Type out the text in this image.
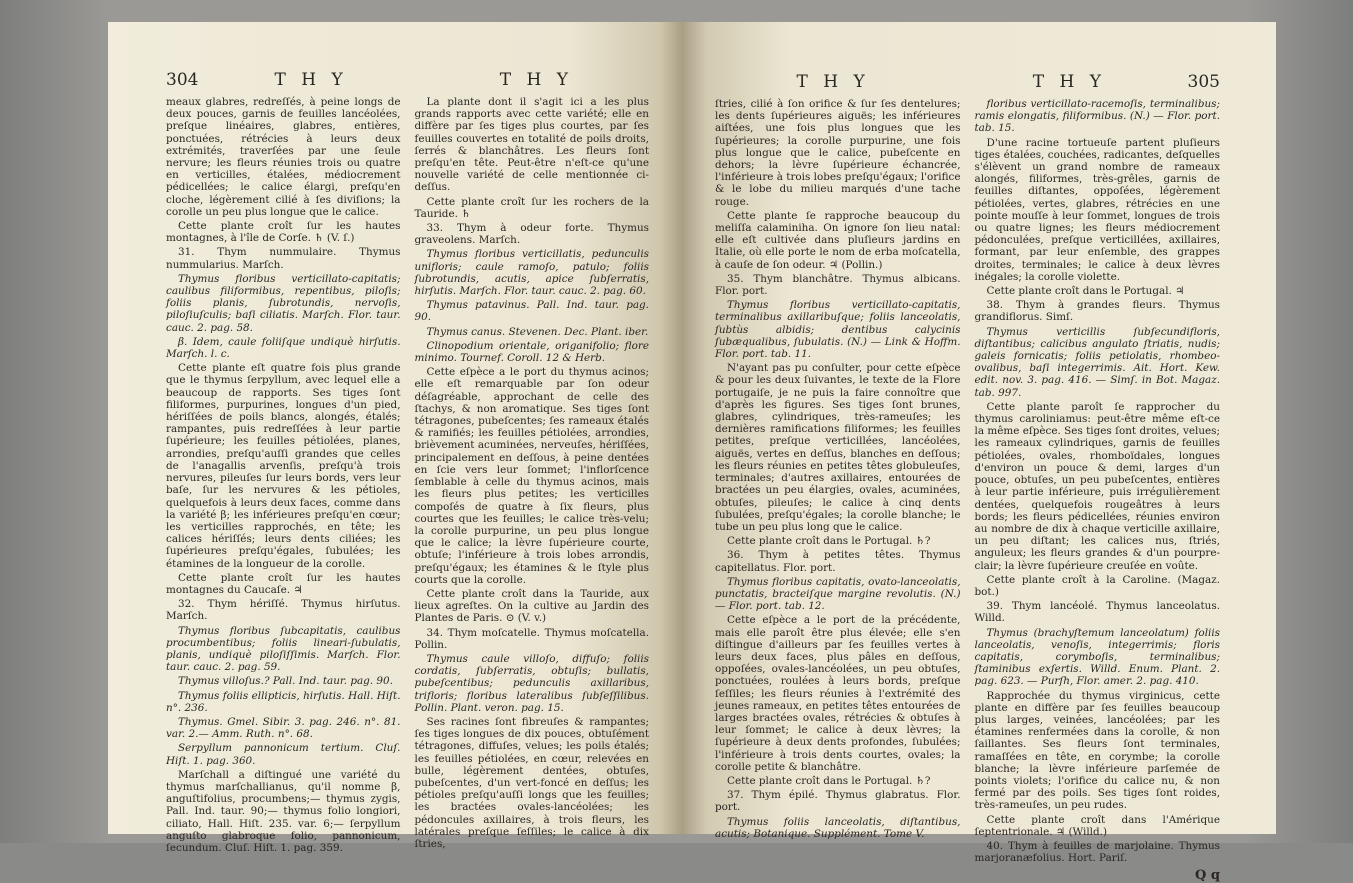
304	T H Y	T H Y

meaux glabres, redreſſés, à peine longs de deux pouces, garnis de feuilles lancéolées, preſque linéaires, glabres, entières, ponctuées, rétrécies à leurs deux extrémités, traverſées par une ſeule nervure; les fleurs réunies trois ou quatre en verticilles, étalées, médiocrement pédicellées; le calice élargi, preſqu'en cloche, légèrement cilié à ſes diviſions; la corolle un peu plus longue que le calice.

Cette plante croît ſur les hautes montagnes, à l'île de Corſe. ♄ (V. ſ.)

31. Thym nummulaire. Thymus nummularius. Marſch.

Thymus floribus verticillato-capitatis; caulibus filiformibus, repentibus, piloſis; foliis planis, ſubrotundis, nervoſis, piloſiuſculis; baſi ciliatis. Marſch. Flor. taur. cauc. 2. pag. 58.

β. Idem, caule foliiſque undiquè hirſutis. Marſch. l. c.

Cette plante eſt quatre fois plus grande que le thymus ſerpyllum, avec lequel elle a beaucoup de rapports. Ses tiges ſont filiformes, purpurines, longues d'un pied, hériſſées de poils blancs, alongés, étalés; rampantes, puis redreſſées à leur partie ſupérieure; les feuilles pétiolées, planes, arrondies, preſqu'auſſi grandes que celles de l'anagallis arvenſis, preſqu'à trois nervures, pileuſes ſur leurs bords, vers leur baſe, ſur les nervures & les pétioles, quelquefois à leurs deux faces, comme dans la variété β; les inférieures preſqu'en cœur; les verticilles rapprochés, en tête; les calices hériſſés; leurs dents ciliées; les ſupérieures preſqu'égales, ſubulées; les étamines de la longueur de la corolle.

Cette plante croît ſur les hautes montagnes du Caucaſe. ♃

32. Thym hériſſé. Thymus hirſutus. Marſch.

Thymus floribus ſubcapitatis, caulibus procumbentibus; foliis lineari-ſubulatis, planis, undiquè piloſiſſimis. Marſch. Flor. taur. cauc. 2. pag. 59.

Thymus villoſus.? Pall. Ind. taur. pag. 90.

Thymus foliis ellipticis, hirſutis. Hall. Hiſt. n°. 236.

Thymus. Gmel. Sibir. 3. pag. 246. n°. 81. var. 2.— Amm. Ruth. n°. 68.

Serpyllum pannonicum tertium. Cluſ. Hiſt. 1. pag. 360.

Marſchall a diſtingué une variété du thymus marſchallianus, qu'il nomme β, anguſtifolius, procumbens;— thymus zygis, Pall. Ind. taur. 90;— thymus folio longiori, ciliato, Hall. Hiſt. 235. var. 6;— ſerpyllum anguſto glabroque folio, pannonicum, ſecundum. Cluſ. Hiſt. 1. pag. 359.

La plante dont il s'agit ici a les plus grands rapports avec cette variété; elle en diffère par ſes tiges plus courtes, par ſes feuilles couvertes en totalité de poils droits, ſerrés & blanchâtres. Les fleurs ſont preſqu'en tête. Peut-être n'eſt-ce qu'une nouvelle variété de celle mentionnée ci-deſſus.

Cette plante croît ſur les rochers de la Tauride. ♄

33. Thym à odeur forte. Thymus graveolens. Marſch.

Thymus floribus verticillatis, pedunculis unifloris; caule ramoſo, patulo; foliis ſubrotundis, acutis, apice ſubſerratis, hirſutis. Marſch. Flor. taur. cauc. 2. pag. 60.

Thymus patavinus. Pall. Ind. taur. pag. 90.

Thymus canus. Stevenen. Dec. Plant. iber.

Clinopodium orientale, origanifolio; flore minimo. Tournef. Coroll. 12 & Herb.

Cette eſpèce a le port du thymus acinos; elle eſt remarquable par ſon odeur déſagréable, approchant de celle des ſtachys, & non aromatique. Ses tiges ſont tétragones, pubeſcentes; ſes rameaux étalés & ramifiés; les feuilles pétiolées, arrondies, brièvement acuminées, nerveuſes, hériſſées, principalement en deſſous, à peine dentées en ſcie vers leur ſommet; l'inflorſcence ſemblable à celle du thymus acinos, mais les fleurs plus petites; les verticilles compoſés de quatre à ſix fleurs, plus courtes que les feuilles; le calice très-velu; la corolle purpurine, un peu plus longue que le calice; la lèvre ſupérieure courte, obtuſe; l'inférieure à trois lobes arrondis, preſqu'égaux; les étamines & le ſtyle plus courts que la corolle.

Cette plante croît dans la Tauride, aux lieux agreſtes. On la cultive au Jardin des Plantes de Paris. ⊙ (V. v.)

34. Thym moſcatelle. Thymus moſcatella. Pollin.

Thymus caule villoſo, diffuſo; foliis cordatis, ſubſerratis, obtuſis; bullatis, pubeſcentibus; pedunculis axillaribus, trifloris; floribus lateralibus ſubſeſſilibus. Pollin. Plant. veron. pag. 15.

Ses racines ſont fibreuſes & rampantes; ſes tiges longues de dix pouces, obtuſément tétragones, diffuſes, velues; les poils étalés; les feuilles pétiolées, en cœur, relevées en bulle, légèrement dentées, obtuſes, pubeſcentes, d'un vert-foncé en deſſus; les pétioles preſqu'auſſi longs que les feuilles; les bractées ovales-lancéolées; les pédoncules axillaires, à trois fleurs, les latérales preſque ſeſſiles; le calice à dix ſtries,

T H Y	T H Y	305

ſtries, cilié à ſon orifice & ſur ſes dentelures; les dents ſupérieures aiguës; les inférieures aiſtées, une fois plus longues que les ſupérieures; la corolle purpurine, une fois plus longue que le calice, pubeſcente en dehors; la lèvre ſupérieure échancrée, l'inférieure à trois lobes preſqu'égaux; l'orifice & le lobe du milieu marqués d'une tache rouge.

Cette plante ſe rapproche beaucoup du meliſſa calaminiha. On ignore ſon lieu natal: elle eſt cultivée dans pluſieurs jardins en Italie, où elle porte le nom de erba moſcatella, à cauſe de ſon odeur. ♃ (Pollin.)

35. Thym blanchâtre. Thymus albicans. Flor. port.

Thymus floribus verticillato-capitatis, terminalibus axillaribuſque; foliis lanceolatis, ſubtùs albidis; dentibus calycinis ſubæqualibus, ſubulatis. (N.) — Link & Hoffm. Flor. port. tab. 11.

N'ayant pas pu conſulter, pour cette eſpèce & pour les deux ſuivantes, le texte de la Flore portugaiſe, je ne puis la faire connoître que d'après les figures. Ses tiges ſont brunes, glabres, cylindriques, très-rameuſes; les dernières ramifications filiformes; les feuilles petites, preſque verticillées, lancéolées, aiguës, vertes en deſſus, blanches en deſſous; les fleurs réunies en petites têtes globuleuſes, terminales; d'autres axillaires, entourées de bractées un peu élargies, ovales, acuminées, obtuſes, pileuſes; le calice à cinq dents ſubulées, preſqu'égales; la corolle blanche; le tube un peu plus long que le calice.

Cette plante croît dans le Portugal. ♄?

36. Thym à petites têtes. Thymus capitellatus. Flor. port.

Thymus floribus capitatis, ovato-lanceolatis, punctatis, bracteiſque margine revolutis. (N.) — Flor. port. tab. 12.

Cette eſpèce a le port de la précédente, mais elle paroît être plus élevée; elle s'en diſtingue d'ailleurs par ſes feuilles vertes à leurs deux faces, plus pâles en deſſous, oppoſées, ovales-lancéolées, un peu obtuſes, ponctuées, roulées à leurs bords, preſque ſeſſiles; les fleurs réunies à l'extrémité des jeunes rameaux, en petites têtes entourées de larges bractées ovales, rétrécies & obtuſes à leur ſommet; le calice à deux lèvres; la ſupérieure à deux dents profondes, ſubulées; l'inférieure à trois dents courtes, ovales; la corolle petite & blanchâtre.

Cette plante croît dans le Portugal. ♄?

37. Thym épilé. Thymus glabratus. Flor. port.

Thymus foliis lanceolatis, diſtantibus, acutis; Botanique. Supplément. Tome V.

floribus verticillato-racemoſis, terminalibus; ramis elongatis, filiformibus. (N.) — Flor. port. tab. 15.

D'une racine tortueuſe partent pluſieurs tiges étalées, couchées, radicantes, deſquelles s'élèvent un grand nombre de rameaux alongés, filiformes, très-grêles, garnis de feuilles diſtantes, oppoſées, légèrement pétiolées, vertes, glabres, rétrécies en une pointe mouſſe à leur ſommet, longues de trois ou quatre lignes; les fleurs médiocrement pédonculées, preſque verticillées, axillaires, formant, par leur enſemble, des grappes droites, terminales; le calice à deux lèvres inégales; la corolle violette.

Cette plante croît dans le Portugal. ♃

38. Thym à grandes fleurs. Thymus grandiflorus. Simſ.

Thymus verticillis ſubſecundifloris, diſtantibus; calicibus angulato ſtriatis, nudis; galeis fornicatis; foliis petiolatis, rhombeo-ovalibus, baſi integerrimis. Ait. Hort. Kew. edit. nov. 3. pag. 416. — Simſ. in Bot. Magaz. tab. 997.

Cette plante paroît ſe rapprocher du thymus caroliniamus: peut-être même eſt-ce la même eſpèce. Ses tiges ſont droites, velues; les rameaux cylindriques, garnis de feuilles pétiolées, ovales, rhomboïdales, longues d'environ un pouce & demi, larges d'un pouce, obtuſes, un peu pubeſcentes, entières à leur partie inférieure, puis irrégulièrement dentées, quelquefois rougeâtres à leurs bords; les fleurs pédicellées, réunies environ au nombre de dix à chaque verticille axillaire, un peu diſtant; les calices nus, ſtriés, anguleux; les fleurs grandes & d'un pourpre-clair; la lèvre ſupérieure creuſée en voûte.

Cette plante croît à la Caroline. (Magaz. bot.)

39. Thym lancéolé. Thymus lanceolatus. Willd.

Thymus (brachyſtemum lanceolatum) foliis lanceolatis, venoſis, integerrimis; floris capitatis, corymboſis, terminalibus; ſtaminibus exſertis. Willd. Enum. Plant. 2. pag. 623. — Purſh, Flor. amer. 2. pag. 410.

Rapprochée du thymus virginicus, cette plante en diffère par ſes feuilles beaucoup plus larges, veinées, lancéolées; par les étamines renfermées dans la corolle, & non ſaillantes. Ses fleurs ſont terminales, ramaſſées en tête, en corymbe; la corolle blanche; la lèvre inférieure parſemée de points violets; l'orifice du calice nu, & non fermé par des poils. Ses tiges ſont roides, très-rameuſes, un peu rudes.

Cette plante croît dans l'Amérique ſeptentrionale. ♃ (Willd.)

40. Thym à feuilles de marjolaine. Thymus marjoranæfolius. Hort. Pariſ.

Q q
